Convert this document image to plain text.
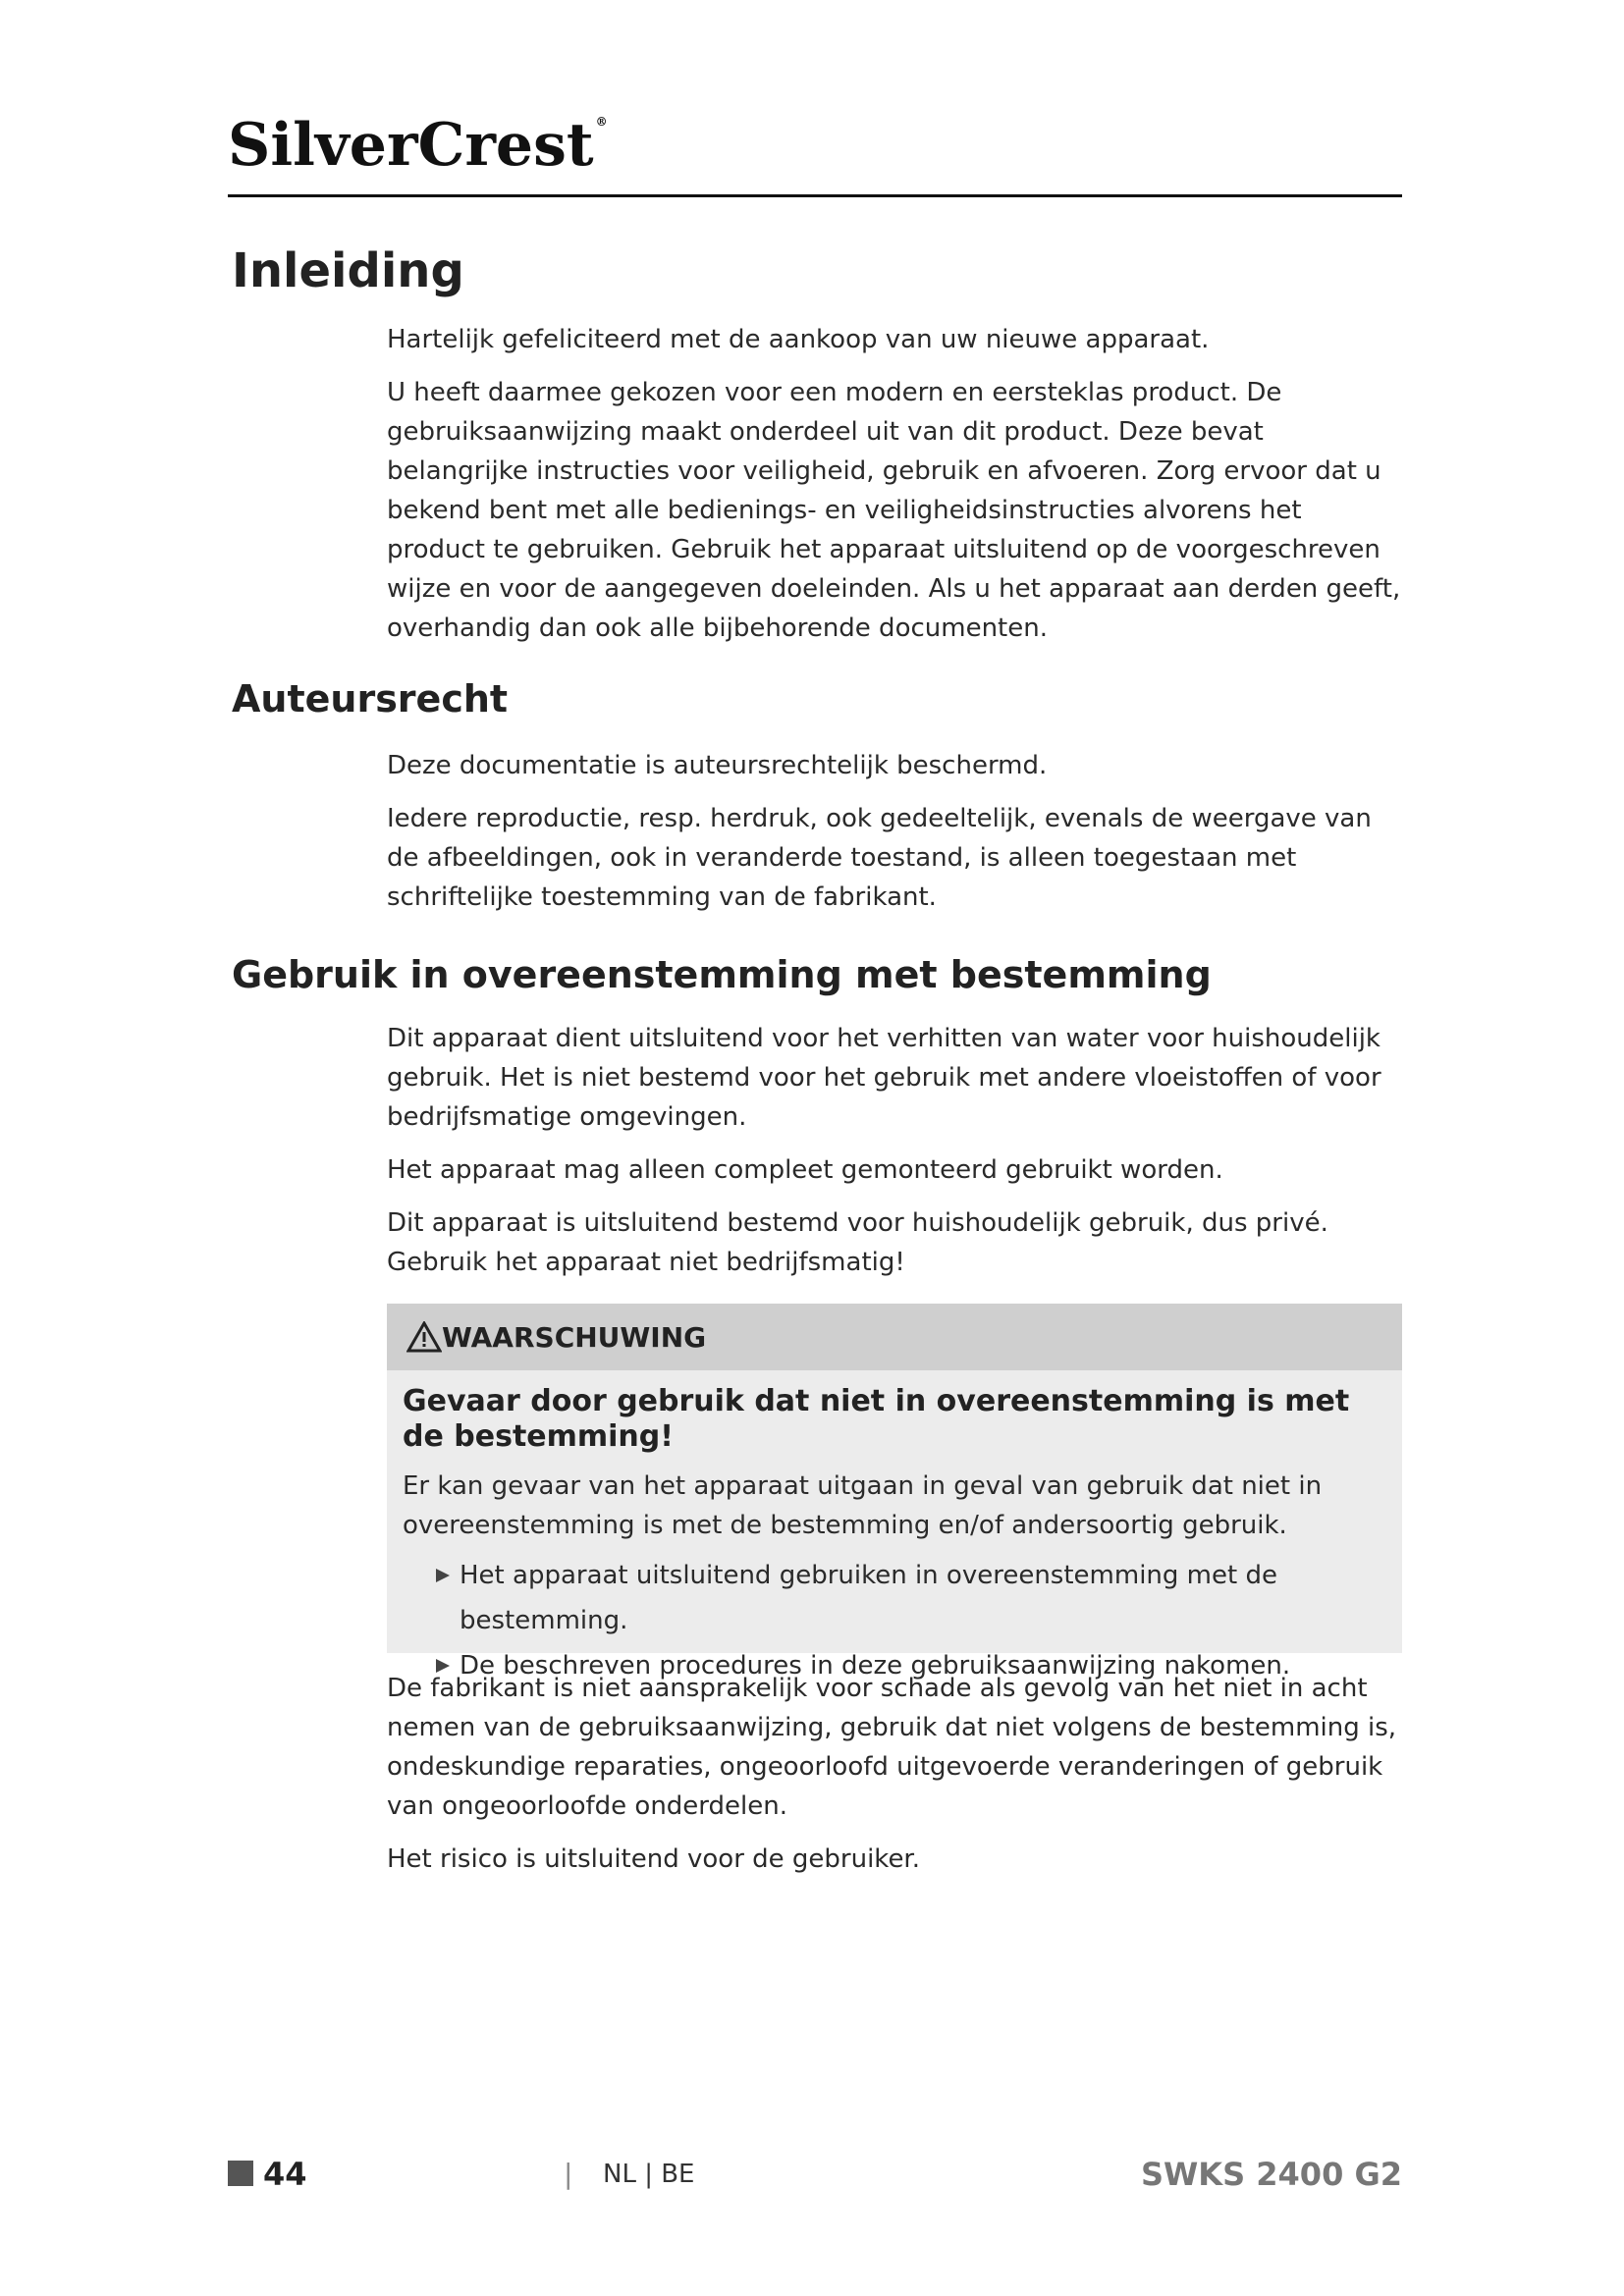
SilverCrest ®
Inleiding

Hartelijk gefeliciteerd met de aankoop van uw nieuwe apparaat.

U heeft daarmee gekozen voor een modern en eersteklas product. De gebruiksaanwijzing maakt onderdeel uit van dit product. Deze bevat belangrijke instructies voor veiligheid, gebruik en afvoeren. Zorg ervoor dat u bekend bent met alle bedienings- en veiligheidsinstructies alvorens het product te gebruiken. Gebruik het apparaat uitsluitend op de voorgeschreven wijze en voor de aangegeven doeleinden. Als u het apparaat aan derden geeft, overhandig dan ook alle bijbehorende documenten.

Auteursrecht

Deze documentatie is auteursrechtelijk beschermd.

Iedere reproductie, resp. herdruk, ook gedeeltelijk, evenals de weergave van de afbeeldingen, ook in veranderde toestand, is alleen toegestaan met schriftelijke toestemming van de fabrikant.

Gebruik in overeenstemming met bestemming

Dit apparaat dient uitsluitend voor het verhitten van water voor huishoudelijk gebruik. Het is niet bestemd voor het gebruik met andere vloeistoffen of voor bedrijfsmatige omgevingen.

Het apparaat mag alleen compleet gemonteerd gebruikt worden.

Dit apparaat is uitsluitend bestemd voor huishoudelijk gebruik, dus privé. Gebruik het apparaat niet bedrijfsmatig!

WAARSCHUWING
Gevaar door gebruik dat niet in overeenstemming is met de bestemming!

Er kan gevaar van het apparaat uitgaan in geval van gebruik dat niet in overeenstemming is met de bestemming en/of andersoortig gebruik.

Het apparaat uitsluitend gebruiken in overeenstemming met de bestemming.
De beschreven procedures in deze gebruiksaanwijzing nakomen.

De fabrikant is niet aansprakelijk voor schade als gevolg van het niet in acht nemen van de gebruiksaanwijzing, gebruik dat niet volgens de bestemming is, ondeskundige reparaties, ongeoorloofd uitgevoerde veranderingen of gebruik van ongeoorloofde onderdelen.

Het risico is uitsluitend voor de gebruiker.

44	| NL | BE	SWKS 2400 G2
